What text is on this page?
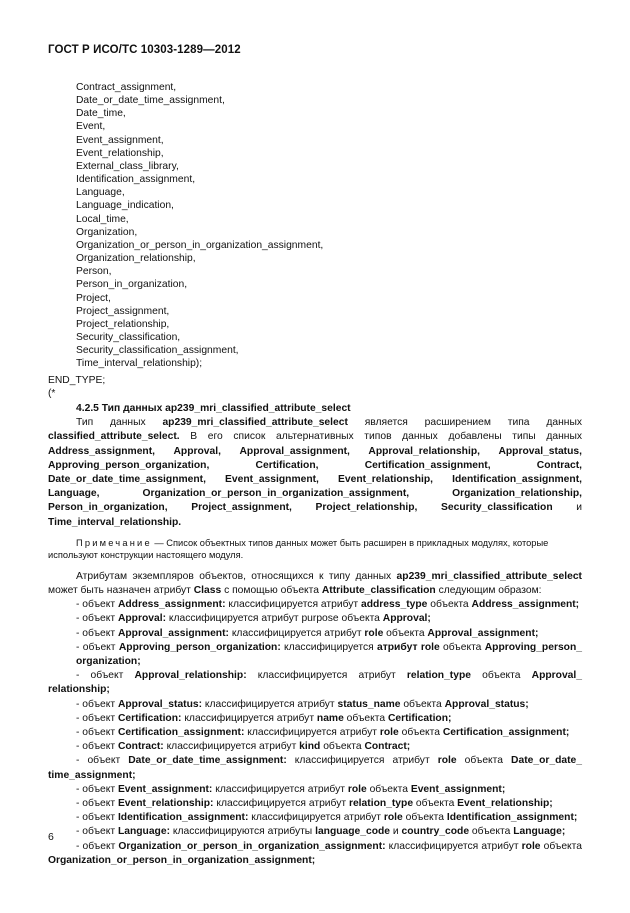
ГОСТ Р ИСО/ТС 10303-1289—2012
Contract_assignment,
Date_or_date_time_assignment,
Date_time,
Event,
Event_assignment,
Event_relationship,
External_class_library,
Identification_assignment,
Language,
Language_indication,
Local_time,
Organization,
Organization_or_person_in_organization_assignment,
Organization_relationship,
Person,
Person_in_organization,
Project,
Project_assignment,
Project_relationship,
Security_classification,
Security_classification_assignment,
Time_interval_relationship);
END_TYPE;
(*
4.2.5 Тип данных ap239_mri_classified_attribute_select
Тип данных ap239_mri_classified_attribute_select является расширением типа данных classified_attribute_select. В его список альтернативных типов данных добавлены типы данных Address_assignment, Approval, Approval_assignment, Approval_relationship, Approval_status, Approving_person_organization, Certification, Certification_assignment, Contract, Date_or_date_time_assignment, Event_assignment, Event_relationship, Identification_assignment, Language, Organization_or_person_in_organization_assignment, Organization_relationship, Person_in_organization, Project_assignment, Project_relationship, Security_classification и Time_interval_relationship.
Примечание — Список объектных типов данных может быть расширен в прикладных модулях, которые используют конструкции настоящего модуля.
Атрибутам экземпляров объектов, относящихся к типу данных ap239_mri_classified_attribute_select может быть назначен атрибут Class с помощью объекта Attribute_classification следующим образом:
- объект Address_assignment: классифицируется атрибут address_type объекта Address_assignment;
- объект Approval: классифицируется атрибут purpose объекта Approval;
- объект Approval_assignment: классифицируется атрибут role объекта Approval_assignment;
- объект Approving_person_organization: классифицируется атрибут role объекта Approving_person_ organization;
- объект Approval_relationship: классифицируется атрибут relation_type объекта Approval_ relationship;
- объект Approval_status: классифицируется атрибут status_name объекта Approval_status;
- объект Certification: классифицируется атрибут name объекта Certification;
- объект Certification_assignment: классифицируется атрибут role объекта Certification_assignment;
- объект Contract: классифицируется атрибут kind объекта Contract;
- объект Date_or_date_time_assignment: классифицируется атрибут role объекта Date_or_date_ time_assignment;
- объект Event_assignment: классифицируется атрибут role объекта Event_assignment;
- объект Event_relationship: классифицируется атрибут relation_type объекта Event_relationship;
- объект Identification_assignment: классифицируется атрибут role объекта Identification_assignment;
- объект Language: классифицируются атрибуты language_code и country_code объекта Language;
- объект Organization_or_person_in_organization_assignment: классифицируется атрибут role объекта Organization_or_person_in_organization_assignment;
6
